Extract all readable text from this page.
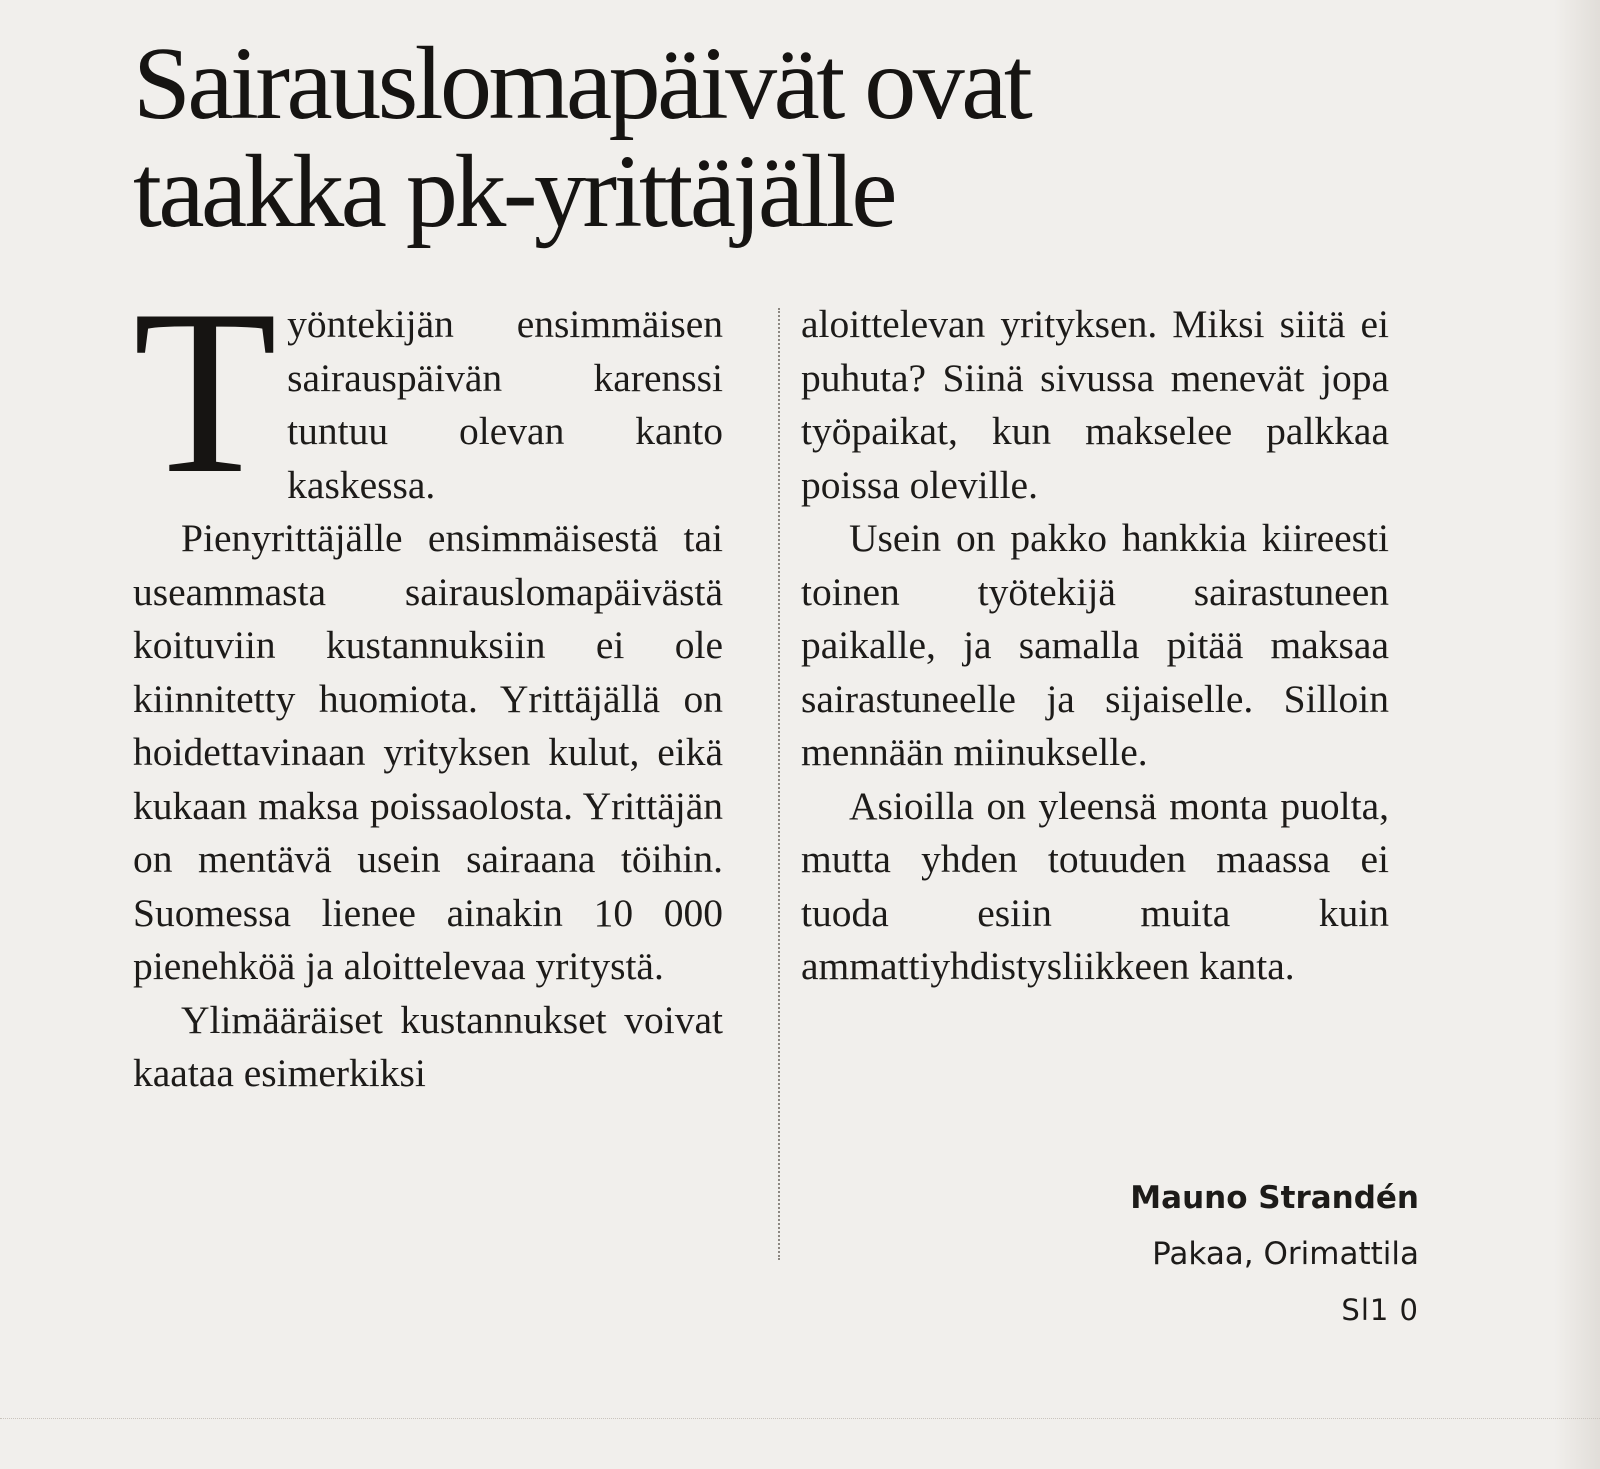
Sairauslomapäivät ovat
taakka pk-yrittäjälle

Työntekijän ensimmäisen sairauspäivän karenssi tuntuu olevan kanto kaskessa.

Pienyrittäjälle ensimmäisestä tai useammasta sairauslomapäivästä koituviin kustannuksiin ei ole kiinnitetty huomiota. Yrittäjällä on hoidettavinaan yrityksen kulut, eikä kukaan maksa poissaolosta. Yrittäjän on mentävä usein sairaana töihin. Suomessa lienee ainakin 10 000 pienehköä ja aloittelevaa yritystä.

Ylimääräiset kustannukset voivat kaataa esimerkiksi

aloittelevan yrityksen. Miksi siitä ei puhuta? Siinä sivussa menevät jopa työpaikat, kun makselee palkkaa poissa oleville.

Usein on pakko hankkia kiireesti toinen työtekijä sairastuneen paikalle, ja samalla pitää maksaa sairastuneelle ja sijaiselle. Silloin mennään miinukselle.

Asioilla on yleensä monta puolta, mutta yhden totuuden maassa ei tuoda esiin muita kuin ammattiyhdistysliikkeen kanta.

Mauno Strandén
Pakaa, Orimattila
Sl1 0
